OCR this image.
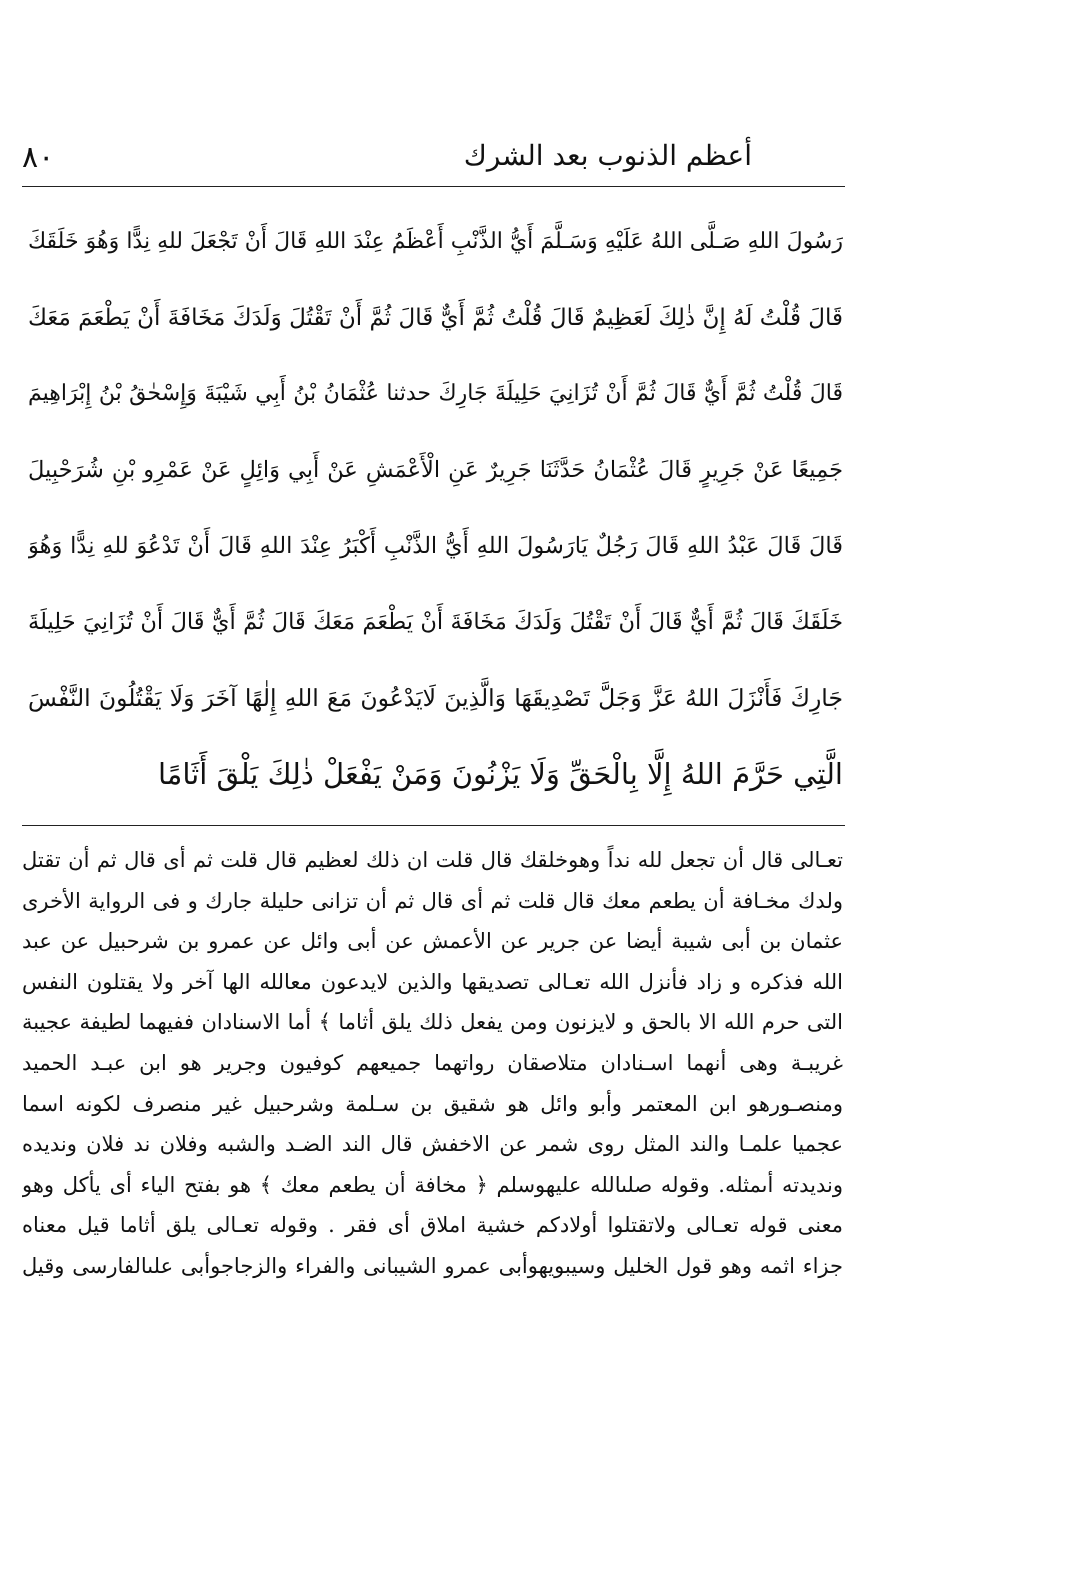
٨٠	أعظم الذنوب بعد الشرك
رَسُولَ اللهِ صَـلَّى اللهُ عَلَيْهِ وَسَـلَّمَ أَيُّ الذَّنْبِ أَعْظَمُ عِنْدَ اللهِ قَالَ أَنْ تَجْعَلَ للهِ نِدًّا وَهُوَ خَلَقَكَ
قَالَ قُلْتُ لَهُ إِنَّ ذٰلِكَ لَعَظِيمٌ قَالَ قُلْتُ ثُمَّ أَيٌّ قَالَ ثُمَّ أَنْ تَقْتُلَ وَلَدَكَ مَخَافَةَ أَنْ يَطْعَمَ مَعَكَ
قَالَ قُلْتُ ثُمَّ أَيٌّ قَالَ ثُمَّ أَنْ تُزَانِيَ حَلِيلَةَ جَارِكَ حدثنا عُثْمَانُ بْنُ أَبِي شَيْبَةَ وَإِسْحٰقُ بْنُ إِبْرَاهِيمَ
جَمِيعًا عَنْ جَرِيرٍ قَالَ عُثْمَانُ حَدَّثَنَا جَرِيرٌ عَنِ الْأَعْمَشِ عَنْ أَبِي وَائِلٍ عَنْ عَمْرِو بْنِ شُرَحْبِيلَ
قَالَ قَالَ عَبْدُ اللهِ قَالَ رَجُلٌ يَارَسُولَ اللهِ أَيُّ الذَّنْبِ أَكْبَرُ عِنْدَ اللهِ قَالَ أَنْ تَدْعُوَ للهِ نِدًّا وَهُوَ
خَلَقَكَ قَالَ ثُمَّ أَيٌّ قَالَ أَنْ تَقْتُلَ وَلَدَكَ مَخَافَةَ أَنْ يَطْعَمَ مَعَكَ قَالَ ثُمَّ أَيٌّ قَالَ أَنْ تُزَانِيَ حَلِيلَةَ
جَارِكَ فَأَنْزَلَ اللهُ عَزَّ وَجَلَّ تَصْدِيقَهَا وَالَّذِينَ لَايَدْعُونَ مَعَ اللهِ إِلٰهًا آخَرَ وَلَا يَقْتُلُونَ النَّفْسَ
الَّتِي حَرَّمَ اللهُ إِلَّا بِالْحَقِّ وَلَا يَزْنُونَ وَمَنْ يَفْعَلْ ذٰلِكَ يَلْقَ أَثَامًا
تعـالى قال أن تجعل لله نداً وهوخلقك قال قلت ان ذلك لعظيم قال قلت ثم أى قال ثم أن تقتل
ولدك مخـافة أن يطعم معك قال قلت ثم أى قال ثم أن تزانى حليلة جارك و فى الرواية الأخرى
عثمان بن أبى شيبة أيضا عن جرير عن الأعمش عن أبى وائل عن عمرو بن شرحبيل عن عبد
الله فذكره و زاد فأنزل الله تعـالى تصديقها والذين لايدعون معالله الها آخر ولا يقتلون النفس
التى حرم الله الا بالحق و لايزنون ومن يفعل ذلك يلق أثاما ﴾ أما الاسنادان ففيهما لطيفة عجيبة
غريبـة وهى أنهما اسـنادان متلاصقان رواتهما جميعهم كوفيون وجرير هو ابن عبـد الحميد
ومنصـورهو ابن المعتمر وأبو وائل هو شقيق بن سـلمة وشرحبيل غير منصرف لكونه اسما
عجميا علمـا والند المثل روى شمر عن الاخفش قال الند الضـد والشبه وفلان ند فلان ونديده
ونديدته أىمثله. وقوله صلىالله عليهوسلم ﴿ مخافة أن يطعم معك ﴾ هو بفتح الياء أى يأكل وهو
معنى قوله تعـالى ولاتقتلوا أولادكم خشية املاق أى فقر . وقوله تعـالى يلق أثاما قيل معناه
جزاء اثمه وهو قول الخليل وسيبويهوأبى عمرو الشيبانى والفراء والزجاجوأبى علىالفارسى وقيل
